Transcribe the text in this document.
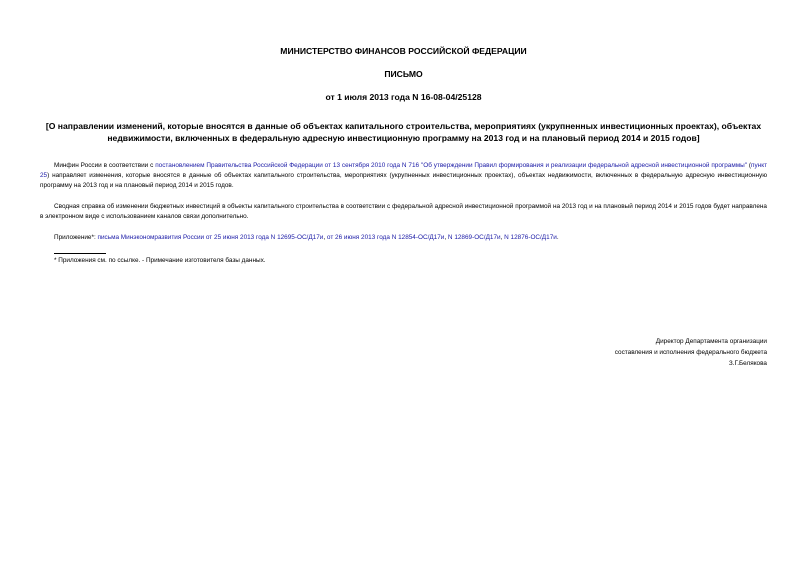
МИНИСТЕРСТВО ФИНАНСОВ РОССИЙСКОЙ ФЕДЕРАЦИИ
ПИСЬМО
от 1 июля 2013 года N 16-08-04/25128
[О направлении изменений, которые вносятся в данные об объектах капитального строительства, мероприятиях (укрупненных инвестиционных проектах), объектах недвижимости, включенных в федеральную адресную инвестиционную программу на 2013 год и на плановый период 2014 и 2015 годов]
Минфин России в соответствии с постановлением Правительства Российской Федерации от 13 сентября 2010 года N 716 "Об утверждении Правил формирования и реализации федеральной адресной инвестиционной программы" (пункт 25) направляет изменения, которые вносятся в данные об объектах капитального строительства, мероприятиях (укрупненных инвестиционных проектах), объектах недвижимости, включенных в федеральную адресную инвестиционную программу на 2013 год и на плановый период 2014 и 2015 годов.
Сводная справка об изменении бюджетных инвестиций в объекты капитального строительства в соответствии с федеральной адресной инвестиционной программой на 2013 год и на плановый период 2014 и 2015 годов будет направлена в электронном виде с использованием каналов связи дополнительно.
Приложение*: письма Минэкономразвития России от 25 июня 2013 года N 12695-ОС/Д17и, от 26 июня 2013 года N 12854-ОС/Д17и, N 12869-ОС/Д17и, N 12876-ОС/Д17и.
* Приложения см. по ссылке. - Примечание изготовителя базы данных.
Директор Департамента организации
составления и исполнения федерального бюджета
З.Г.Белякова
